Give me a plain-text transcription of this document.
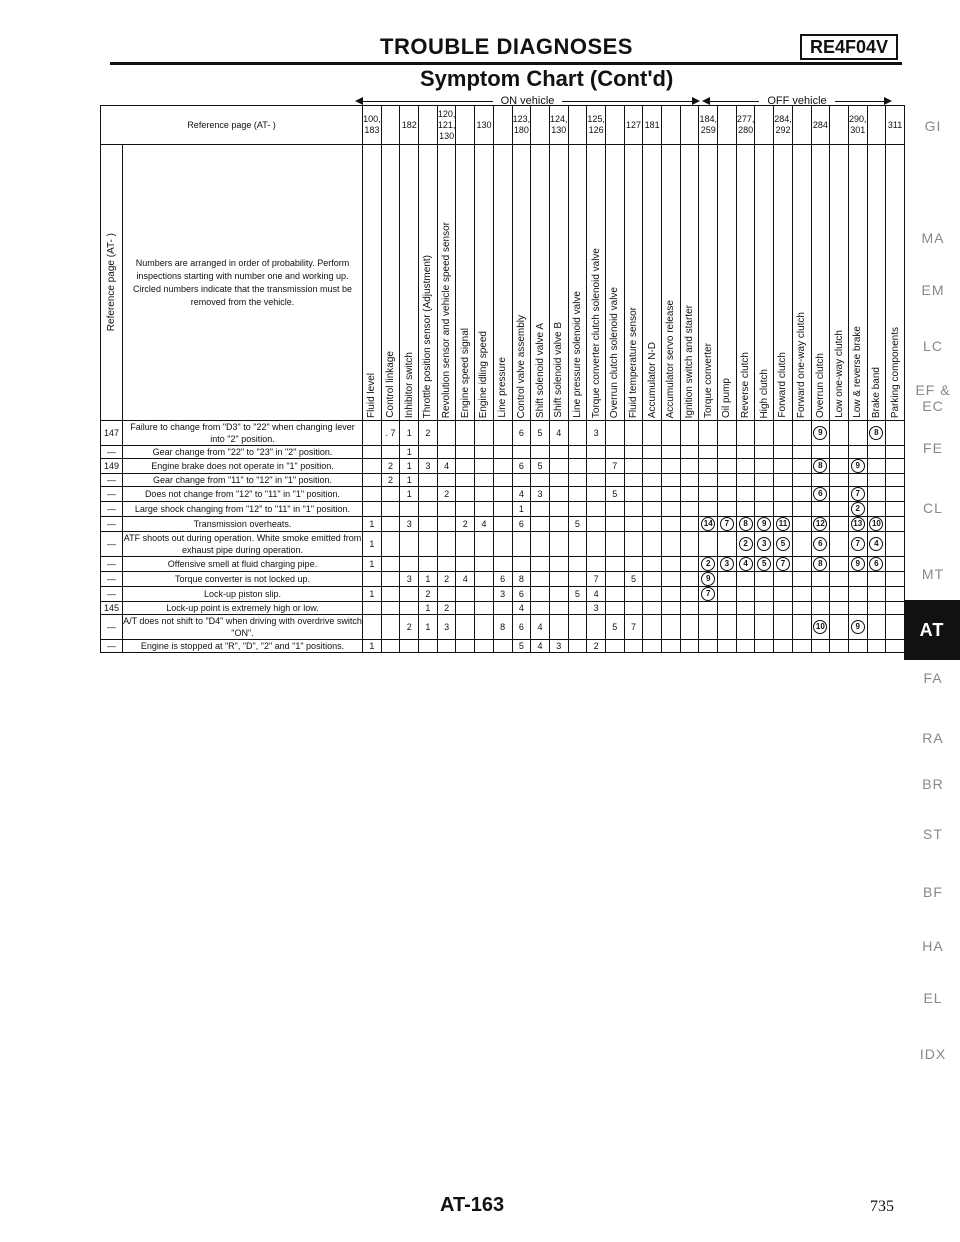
TROUBLE DIAGNOSES	RE4F04V
Symptom Chart (Cont'd)
ON vehicle	OFF vehicle
Reference page (AT- )		100, 183		182		120, 121, 130		130		123, 180		124, 130		125, 126		127	181			184, 259		277, 280		284, 292		284		290, 301		311
Reference page (AT- )	Numbers are arranged in order of probability. Perform inspections starting with number one and working up. Circled numbers indicate that the transmission must be removed from the vehicle.	Fluid level	Control linkage	Inhibitor switch	Throttle position sensor (Adjustment)	Revolution sensor and vehicle speed sensor	Engine speed signal	Engine idling speed	Line pressure	Control valve assembly	Shift solenoid valve A	Shift solenoid valve B	Line pressure solenoid valve	Torque converter clutch solenoid valve	Overrun clutch solenoid valve	Fluid temperature sensor	Accumulator N-D	Accumulator servo release	Ignition switch and starter	Torque converter	Oil pump	Reverse clutch	High clutch	Forward clutch	Forward one-way clutch	Overrun clutch	Low one-way clutch	Low & reverse brake	Brake band	Parking components
147	Failure to change from "D3" to "22" when changing lever into "2" position.		. 7	1	2					6	5	4		3												9			8	
—	Gear change from "22" to "23" in "2" position.			1																										
149	Engine brake does not operate in "1" position.		2	1	3	4				6	5				7											8		9		
—	Gear change from "11" to "12" in "1" position.		2	1																										
—	Does not change from "12" to "11" in "1" position.			1		2				4	3				5											6		7		
—	Large shock changing from "12" to "11" in "1" position.									1																		2		
—	Transmission overheats.	1		3			2	4		6			5							14	7	8	9	11		12		13	10	
—	ATF shoots out during operation. White smoke emitted from exhaust pipe during operation.	1																				2	3	5		6		7	4	
—	Offensive smell at fluid charging pipe.	1																		2	3	4	5	7		8		9	6	
—	Torque converter is not locked up.			3	1	2	4		6	8				7		5				9										
—	Lock-up piston slip.	1			2				3	6			5	4						7										
145	Lock-up point is extremely high or low.				1	2				4				3																
—	A/T does not shift to "D4" when driving with overdrive switch "ON".			2	1	3			8	6	4				5	7										10		9		
—	Engine is stopped at "R", "D", "2" and "1" positions.	1								5	4	3		2																
GI
MA
EM
LC
EF & EC
FE
CL
MT
AT
FA
RA
BR
ST
BF
HA
EL
IDX
AT-163	735
